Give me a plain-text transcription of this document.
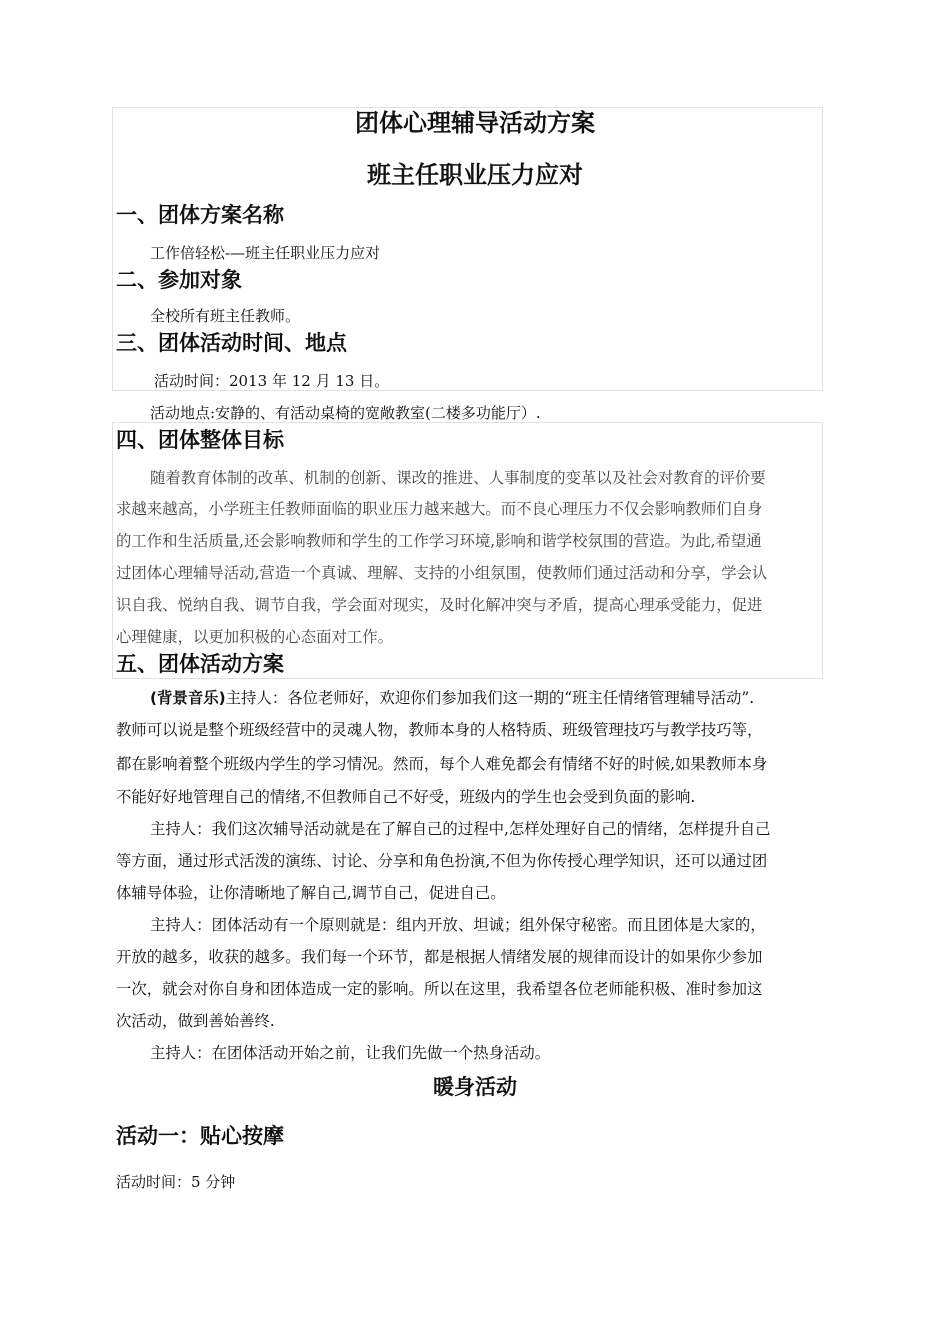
团体心理辅导活动方案
班主任职业压力应对
一、团体方案名称
工作倍轻松-—班主任职业压力应对
二、参加对象
全校所有班主任教师。
三、团体活动时间、地点
活动时间：2013 年 12 月 13 日。
活动地点:安静的、有活动桌椅的宽敞教室(二楼多功能厅）.
四、团体整体目标
随着教育体制的改革、机制的创新、课改的推进、人事制度的变革以及社会对教育的评价要
求越来越高，小学班主任教师面临的职业压力越来越大。而不良心理压力不仅会影响教师们自身
的工作和生活质量,还会影响教师和学生的工作学习环境,影响和谐学校氛围的营造。为此,希望通
过团体心理辅导活动,营造一个真诚、理解、支持的小组氛围，使教师们通过活动和分享，学会认
识自我、悦纳自我、调节自我，学会面对现实，及时化解冲突与矛盾，提高心理承受能力，促进
心理健康，以更加积极的心态面对工作。
五、团体活动方案
(背景音乐)主持人：各位老师好，欢迎你们参加我们这一期的“班主任情绪管理辅导活动”.
教师可以说是整个班级经营中的灵魂人物，教师本身的人格特质、班级管理技巧与教学技巧等，
都在影响着整个班级内学生的学习情况。然而，每个人难免都会有情绪不好的时候,如果教师本身
不能好好地管理自己的情绪,不但教师自己不好受，班级内的学生也会受到负面的影响.
主持人：我们这次辅导活动就是在了解自己的过程中,怎样处理好自己的情绪，怎样提升自己
等方面，通过形式活泼的演练、讨论、分享和角色扮演,不但为你传授心理学知识，还可以通过团
体辅导体验，让你清晰地了解自己,调节自己，促进自己。
主持人：团体活动有一个原则就是：组内开放、坦诚；组外保守秘密。而且团体是大家的，
开放的越多，收获的越多。我们每一个环节，都是根据人情绪发展的规律而设计的如果你少参加
一次，就会对你自身和团体造成一定的影响。所以在这里，我希望各位老师能积极、准时参加这
次活动，做到善始善终.
主持人：在团体活动开始之前，让我们先做一个热身活动。
暖身活动
活动一：贴心按摩
活动时间：5 分钟
